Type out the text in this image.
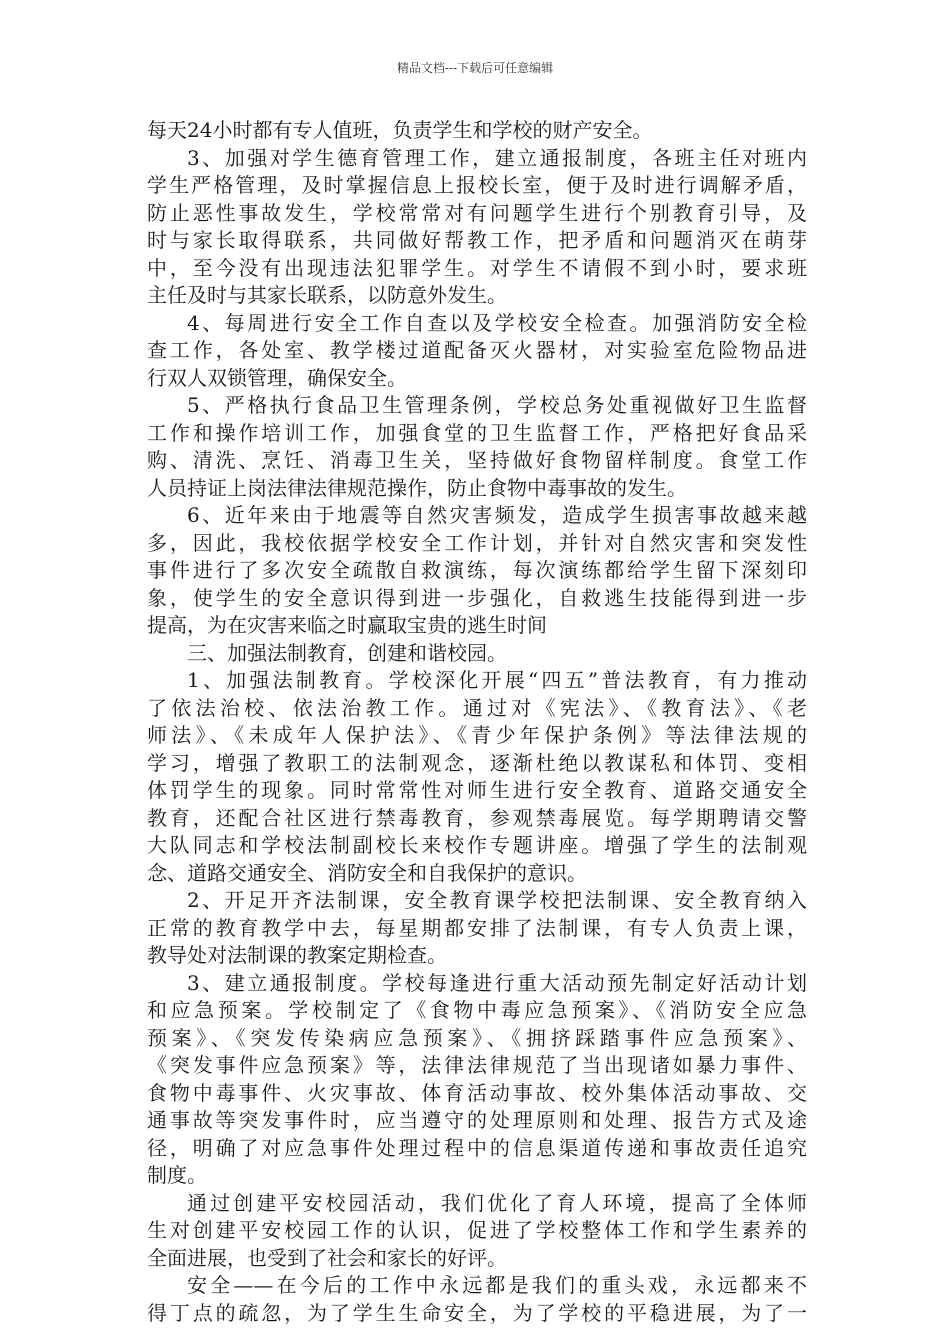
精品文档---下载后可任意编辑
每天24小时都有专人值班，负责学生和学校的财产安全。
3、加强对学生德育管理工作，建立通报制度，各班主任对班内
学生严格管理，及时掌握信息上报校长室，便于及时进行调解矛盾，
防止恶性事故发生，学校常常对有问题学生进行个别教育引导，及
时与家长取得联系，共同做好帮教工作，把矛盾和问题消灭在萌芽
中，至今没有出现违法犯罪学生。对学生不请假不到小时，要求班
主任及时与其家长联系，以防意外发生。
4、每周进行安全工作自查以及学校安全检查。加强消防安全检
查工作，各处室、教学楼过道配备灭火器材，对实验室危险物品进
行双人双锁管理，确保安全。
5、严格执行食品卫生管理条例，学校总务处重视做好卫生监督
工作和操作培训工作，加强食堂的卫生监督工作，严格把好食品采
购、清洗、烹饪、消毒卫生关，坚持做好食物留样制度。食堂工作
人员持证上岗法律法律规范操作，防止食物中毒事故的发生。
6、近年来由于地震等自然灾害频发，造成学生损害事故越来越
多，因此，我校依据学校安全工作计划，并针对自然灾害和突发性
事件进行了多次安全疏散自救演练，每次演练都给学生留下深刻印
象，使学生的安全意识得到进一步强化，自救逃生技能得到进一步
提高，为在灾害来临之时赢取宝贵的逃生时间
三、加强法制教育，创建和谐校园。
1、加强法制教育。学校深化开展“四五”普法教育，有力推动
了依法治校、依法治教工作。通过对《宪法》、《教育法》、《老
师法》、《未成年人保护法》、《青少年保护条例》等法律法规的
学习，增强了教职工的法制观念，逐渐杜绝以教谋私和体罚、变相
体罚学生的现象。同时常常性对师生进行安全教育、道路交通安全
教育，还配合社区进行禁毒教育，参观禁毒展览。每学期聘请交警
大队同志和学校法制副校长来校作专题讲座。增强了学生的法制观
念、道路交通安全、消防安全和自我保护的意识。
2、开足开齐法制课，安全教育课学校把法制课、安全教育纳入
正常的教育教学中去，每星期都安排了法制课，有专人负责上课，
教导处对法制课的教案定期检查。
3、建立通报制度。学校每逢进行重大活动预先制定好活动计划
和应急预案。学校制定了《食物中毒应急预案》、《消防安全应急
预案》、《突发传染病应急预案》、《拥挤踩踏事件应急预案》、
《突发事件应急预案》等，法律法律规范了当出现诸如暴力事件、
食物中毒事件、火灾事故、体育活动事故、校外集体活动事故、交
通事故等突发事件时，应当遵守的处理原则和处理、报告方式及途
径，明确了对应急事件处理过程中的信息渠道传递和事故责任追究
制度。
通过创建平安校园活动，我们优化了育人环境，提高了全体师
生对创建平安校园工作的认识，促进了学校整体工作和学生素养的
全面进展，也受到了社会和家长的好评。
安全——在今后的工作中永远都是我们的重头戏，永远都来不
得丁点的疏忽，为了学生生命安全，为了学校的平稳进展，为了一
